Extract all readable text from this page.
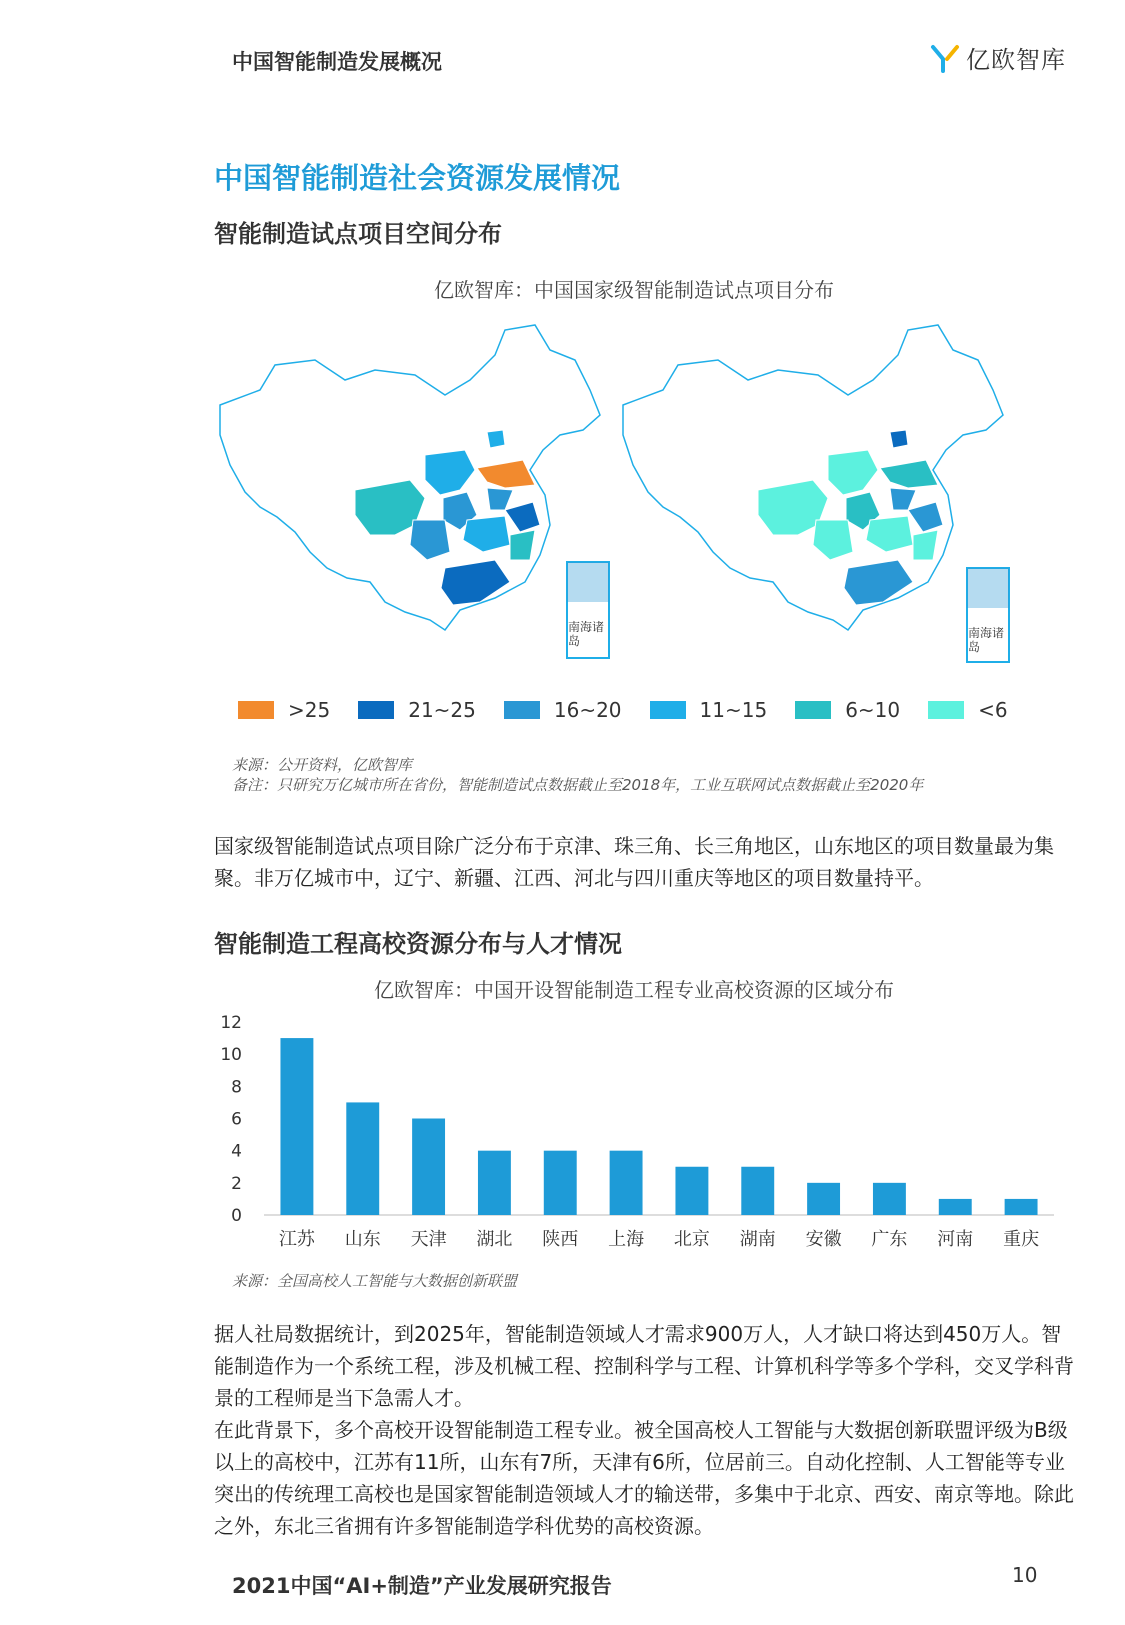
中国智能制造发展概况	亿欧智库
中国智能制造社会资源发展情况
智能制造试点项目空间分布
亿欧智库：中国国家级智能制造试点项目分布
南海诸岛
南海诸岛
>25	21~25	16~20	11~15	6~10	<6
来源：公开资料，亿欧智库
备注：只研究万亿城市所在省份，智能制造试点数据截止至2018年，工业互联网试点数据截止至2020年
国家级智能制造试点项目除广泛分布于京津、珠三角、长三角地区，山东地区的项目数量最为集聚。非万亿城市中，辽宁、新疆、江西、河北与四川重庆等地区的项目数量持平。
智能制造工程高校资源分布与人才情况
亿欧智库：中国开设智能制造工程专业高校资源的区域分布
0
2
4
6
8
10
12
江苏 山东 天津 湖北 陕西 上海 北京 湖南 安徽 广东 河南 重庆
来源：全国高校人工智能与大数据创新联盟
据人社局数据统计，到2025年，智能制造领域人才需求900万人，人才缺口将达到450万人。智能制造作为一个系统工程，涉及机械工程、控制科学与工程、计算机科学等多个学科，交叉学科背景的工程师是当下急需人才。
在此背景下，多个高校开设智能制造工程专业。被全国高校人工智能与大数据创新联盟评级为B级以上的高校中，江苏有11所，山东有7所，天津有6所，位居前三。自动化控制、人工智能等专业突出的传统理工高校也是国家智能制造领域人才的输送带，多集中于北京、西安、南京等地。除此之外，东北三省拥有许多智能制造学科优势的高校资源。
2021中国“AI+制造”产业发展研究报告	10
